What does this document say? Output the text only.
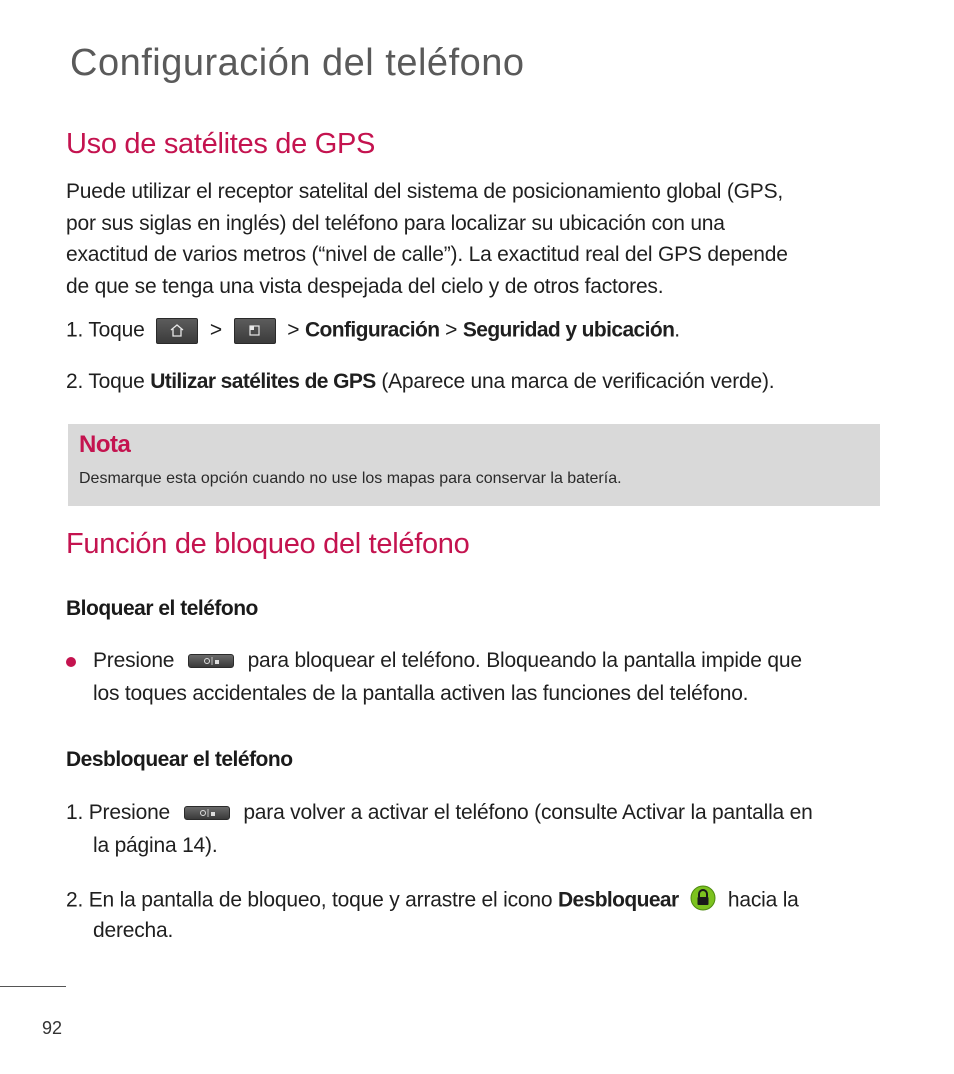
Configuración del teléfono
Uso de satélites de GPS
Puede utilizar el receptor satelital del sistema de posicionamiento global (GPS,
por sus siglas en inglés) del teléfono para localizar su ubicación con una
exactitud de varios metros (“nivel de calle”). La exactitud real del GPS depende
de que se tenga una vista despejada del cielo y de otros factores.
1. Toque	>	> Configuración > Seguridad y ubicación.
2. Toque Utilizar satélites de GPS (Aparece una marca de verificación verde).
Nota
Desmarque esta opción cuando no use los mapas para conservar la batería.
Función de bloqueo del teléfono
Bloquear el teléfono
Presione	para bloquear el teléfono. Bloqueando la pantalla impide que
los toques accidentales de la pantalla activen las funciones del teléfono.
Desbloquear el teléfono
1. Presione	para volver a activar el teléfono (consulte Activar la pantalla en
la página 14).
2. En la pantalla de bloqueo, toque y arrastre el icono Desbloquear hacia la
derecha.
92
